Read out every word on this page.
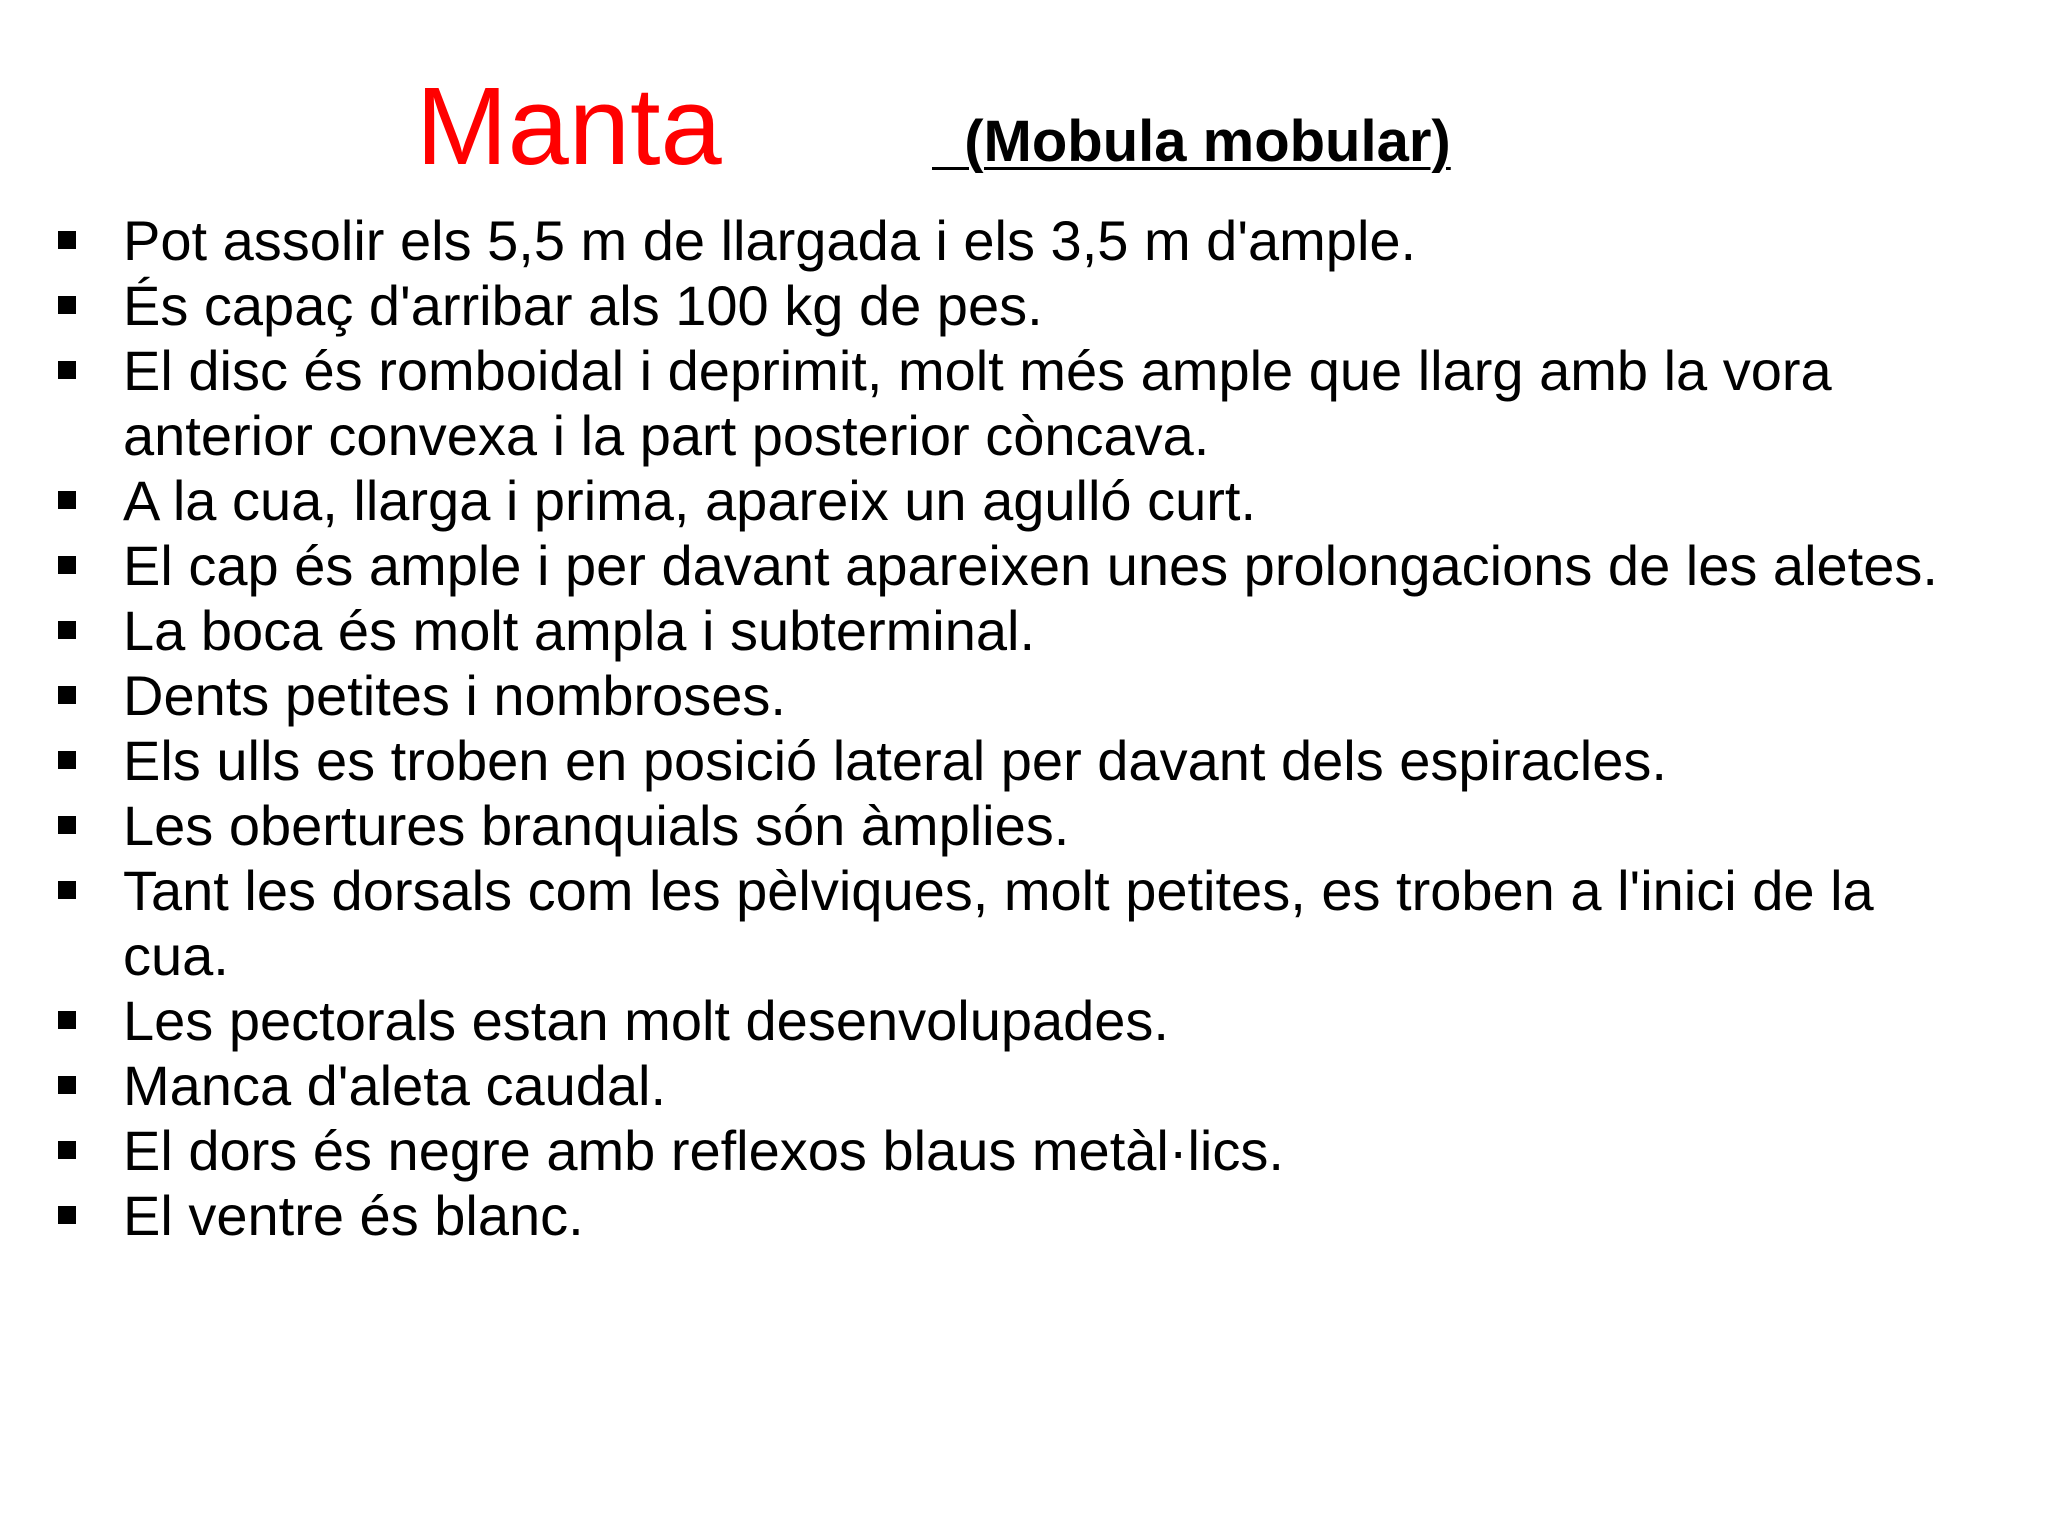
Manta	(Mobula mobular)
Pot assolir els 5,5 m de llargada i els 3,5 m d'ample.
És capaç d'arribar als 100 kg de pes.
El disc és romboidal i deprimit, molt més ample que llarg amb la vora anterior convexa i la part posterior còncava.
A la cua, llarga i prima, apareix un agulló curt.
El cap és ample i per davant apareixen unes prolongacions de les aletes.
La boca és molt ampla i subterminal.
Dents petites i nombroses.
Els ulls es troben en posició lateral per davant dels espiracles.
Les obertures branquials són àmplies.
Tant les dorsals com les pèlviques, molt petites, es troben a l'inici de la cua.
Les pectorals estan molt desenvolupades.
Manca d'aleta caudal.
El dors és negre amb reflexos blaus metàl·lics.
El ventre és blanc.
